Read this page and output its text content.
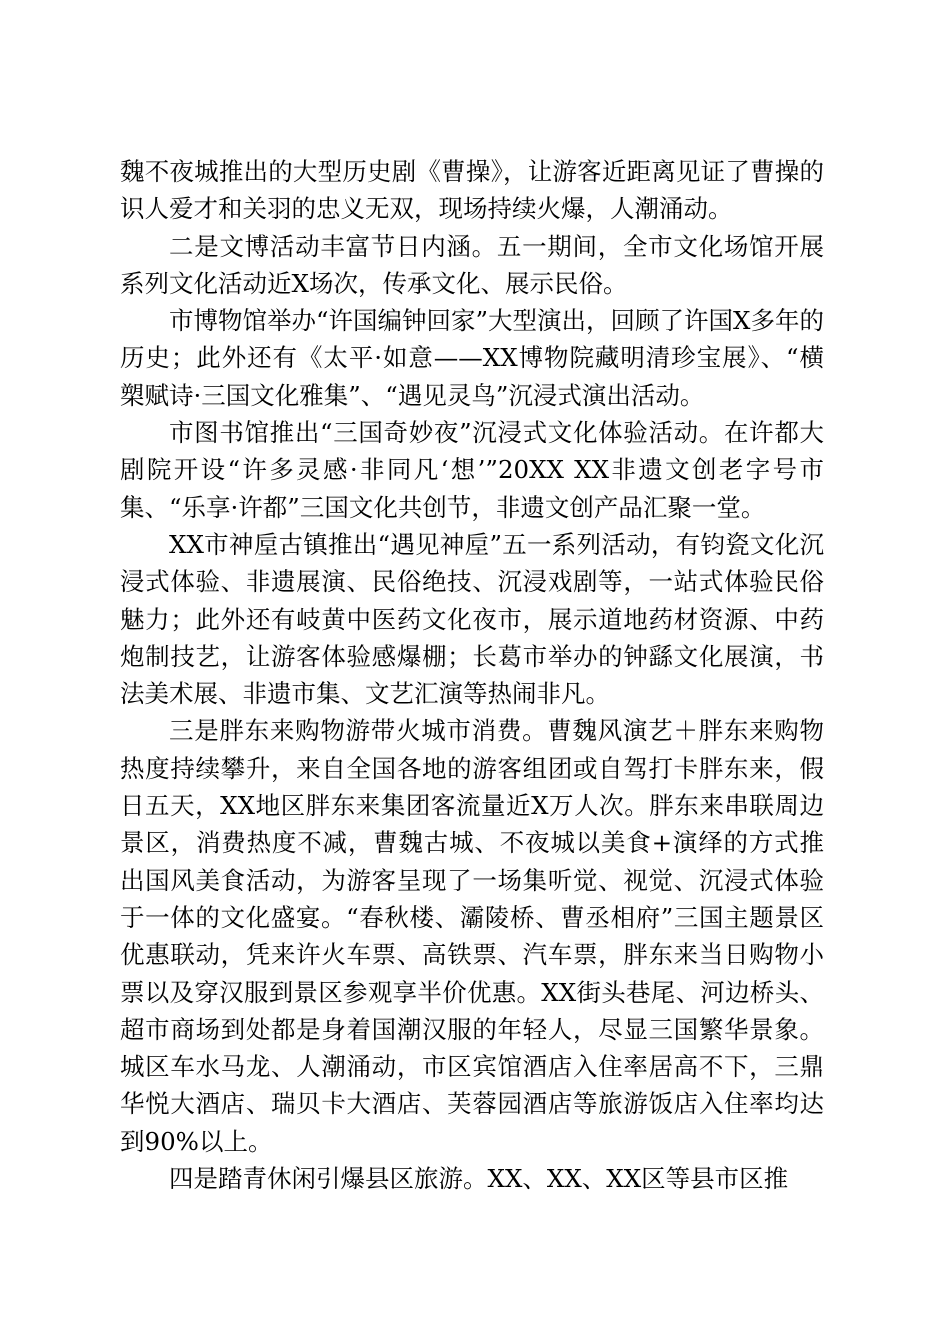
魏不夜城推出的大型历史剧《曹操》，让游客近距离见证了曹操的识人爱才和关羽的忠义无双，现场持续火爆，人潮涌动。

二是文博活动丰富节日内涵。五一期间，全市文化场馆开展系列文化活动近X场次，传承文化、展示民俗。

市博物馆举办“许国编钟回家”大型演出，回顾了许国X多年的历史；此外还有《太平·如意——XX博物院藏明清珍宝展》、“横槊赋诗·三国文化雅集”、“遇见灵鸟”沉浸式演出活动。

市图书馆推出“三国奇妙夜”沉浸式文化体验活动。在许都大剧院开设“许多灵感·非同凡‘想’”20XX XX非遗文创老字号市集、“乐享·许都”三国文化共创节，非遗文创产品汇聚一堂。

XX市神垕古镇推出“遇见神垕”五一系列活动，有钧瓷文化沉浸式体验、非遗展演、民俗绝技、沉浸戏剧等，一站式体验民俗魅力；此外还有岐黄中医药文化夜市，展示道地药材资源、中药炮制技艺，让游客体验感爆棚；长葛市举办的钟繇文化展演，书法美术展、非遗市集、文艺汇演等热闹非凡。

三是胖东来购物游带火城市消费。曹魏风演艺＋胖东来购物热度持续攀升，来自全国各地的游客组团或自驾打卡胖东来，假日五天，XX地区胖东来集团客流量近X万人次。胖东来串联周边景区，消费热度不减，曹魏古城、不夜城以美食+演绎的方式推出国风美食活动，为游客呈现了一场集听觉、视觉、沉浸式体验于一体的文化盛宴。“春秋楼、灞陵桥、曹丞相府”三国主题景区优惠联动，凭来许火车票、高铁票、汽车票，胖东来当日购物小票以及穿汉服到景区参观享半价优惠。XX街头巷尾、河边桥头、超市商场到处都是身着国潮汉服的年轻人，尽显三国繁华景象。城区车水马龙、人潮涌动，市区宾馆酒店入住率居高不下，三鼎华悦大酒店、瑞贝卡大酒店、芙蓉园酒店等旅游饭店入住率均达到90%以上。

四是踏青休闲引爆县区旅游。XX、XX、XX区等县市区推
